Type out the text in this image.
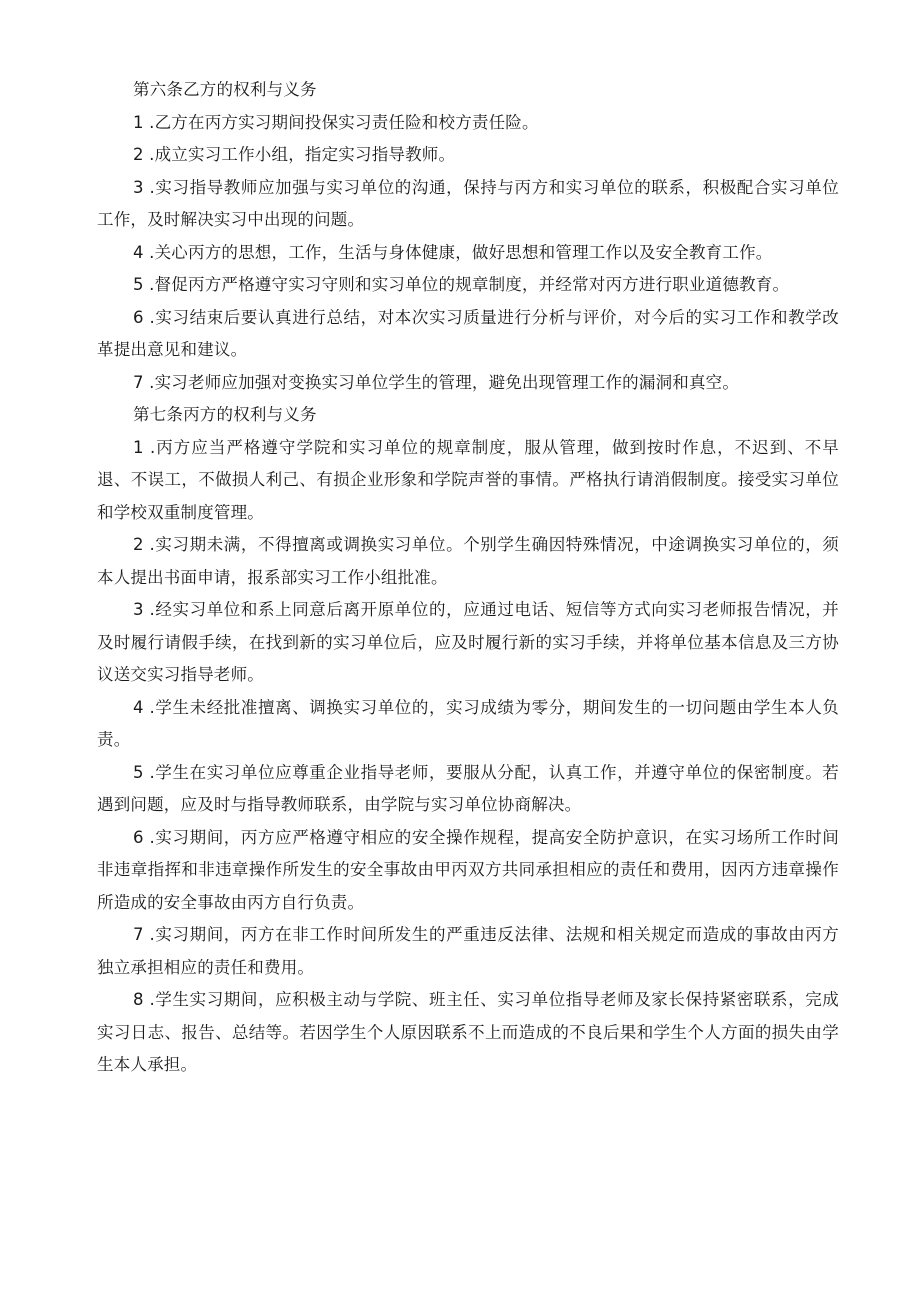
第六条乙方的权利与义务

1 .乙方在丙方实习期间投保实习责任险和校方责任险。

2 .成立实习工作小组，指定实习指导教师。

3 .实习指导教师应加强与实习单位的沟通，保持与丙方和实习单位的联系，积极配合实习单位工作，及时解决实习中出现的问题。

4 .关心丙方的思想，工作，生活与身体健康，做好思想和管理工作以及安全教育工作。

5 .督促丙方严格遵守实习守则和实习单位的规章制度，并经常对丙方进行职业道德教育。

6 .实习结束后要认真进行总结，对本次实习质量进行分析与评价，对今后的实习工作和教学改革提出意见和建议。

7 .实习老师应加强对变换实习单位学生的管理，避免出现管理工作的漏洞和真空。

第七条丙方的权利与义务

1 .丙方应当严格遵守学院和实习单位的规章制度，服从管理，做到按时作息，不迟到、不早退、不误工，不做损人利己、有损企业形象和学院声誉的事情。严格执行请消假制度。接受实习单位和学校双重制度管理。

2 .实习期未满，不得擅离或调换实习单位。个别学生确因特殊情况，中途调换实习单位的，须本人提出书面申请，报系部实习工作小组批准。

3 .经实习单位和系上同意后离开原单位的，应通过电话、短信等方式向实习老师报告情况，并及时履行请假手续，在找到新的实习单位后，应及时履行新的实习手续，并将单位基本信息及三方协议送交实习指导老师。

4 .学生未经批准擅离、调换实习单位的，实习成绩为零分，期间发生的一切问题由学生本人负责。

5 .学生在实习单位应尊重企业指导老师，要服从分配，认真工作，并遵守单位的保密制度。若遇到问题，应及时与指导教师联系，由学院与实习单位协商解决。

6 .实习期间，丙方应严格遵守相应的安全操作规程，提高安全防护意识，在实习场所工作时间非违章指挥和非违章操作所发生的安全事故由甲丙双方共同承担相应的责任和费用，因丙方违章操作所造成的安全事故由丙方自行负责。

7 .实习期间，丙方在非工作时间所发生的严重违反法律、法规和相关规定而造成的事故由丙方独立承担相应的责任和费用。

8 .学生实习期间，应积极主动与学院、班主任、实习单位指导老师及家长保持紧密联系，完成实习日志、报告、总结等。若因学生个人原因联系不上而造成的不良后果和学生个人方面的损失由学生本人承担。
